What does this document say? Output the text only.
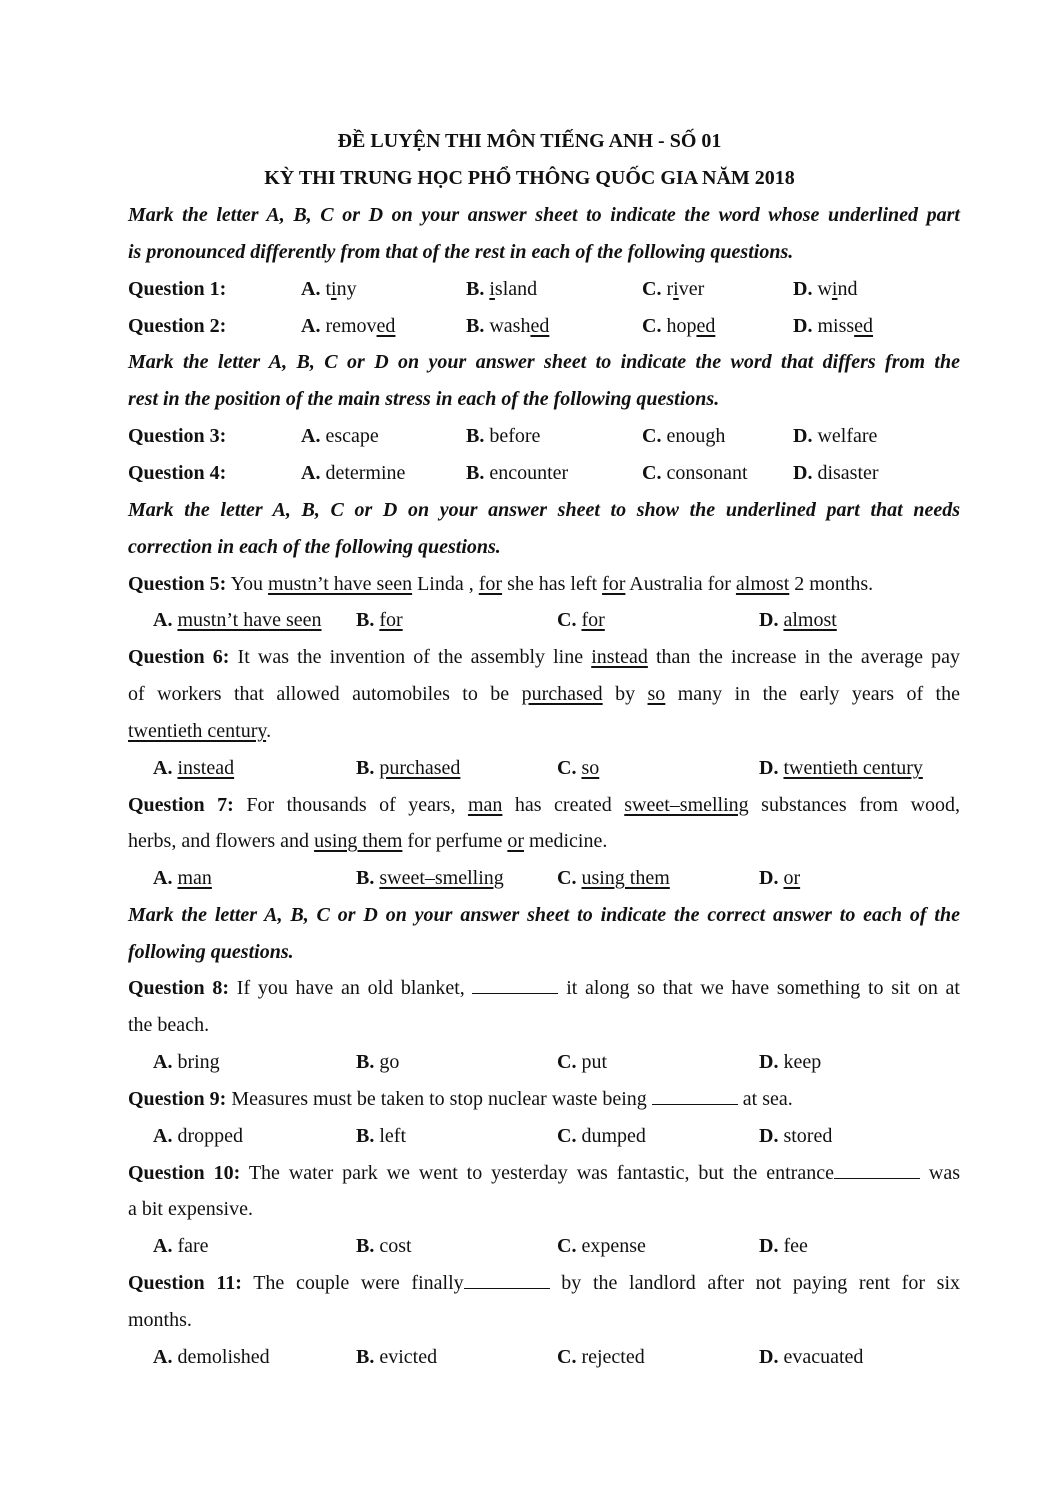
ĐỀ LUYỆN THI MÔN TIẾNG ANH - SỐ 01
KỲ THI TRUNG HỌC PHỔ THÔNG QUỐC GIA NĂM 2018
Mark the letter A, B, C or D on your answer sheet to indicate the word whose underlined part
is pronounced differently from that of the rest in each of the following questions.
Question 1:	A. tiny	B. island	C. river	D. wind
Question 2:	A. removed	B. washed	C. hoped	D. missed
Mark the letter A, B, C or D on your answer sheet to indicate the word that differs from the
rest in the position of the main stress in each of the following questions.
Question 3:	A. escape	B. before	C. enough	D. welfare
Question 4:	A. determine	B. encounter	C. consonant D. disaster
Mark the letter A, B, C or D on your answer sheet to show the underlined part that needs
correction in each of the following questions.
Question 5: You mustn’t have seen Linda , for she has left for Australia for almost 2 months.
A. mustn’t have seen B. for	C. for	D. almost
Question 6: It was the invention of the assembly line instead than the increase in the average pay
of workers that allowed automobiles to be purchased by so many in the early years of the
twentieth century.
A. instead	B. purchased	C. so	D. twentieth century
Question 7: For thousands of years, man has created sweet–smelling substances from wood,
herbs, and flowers and using them for perfume or medicine.
A. man	B. sweet–smelling	C. using them	D. or
Mark the letter A, B, C or D on your answer sheet to indicate the correct answer to each of the
following questions.
Question 8: If you have an old blanket,	it along so that we have something to sit on at
the beach.
A. bring	B. go	C. put	D. keep
Question 9: Measures must be taken to stop nuclear waste being	at sea.
A. dropped	B. left	C. dumped	D. stored
Question 10: The water park we went to yesterday was fantastic, but the entrance	was
a bit expensive.
A. fare	B. cost	C. expense	D. fee
Question 11: The couple were finally	by the landlord after not paying rent for six
months.
A. demolished	B. evicted	C. rejected	D. evacuated
